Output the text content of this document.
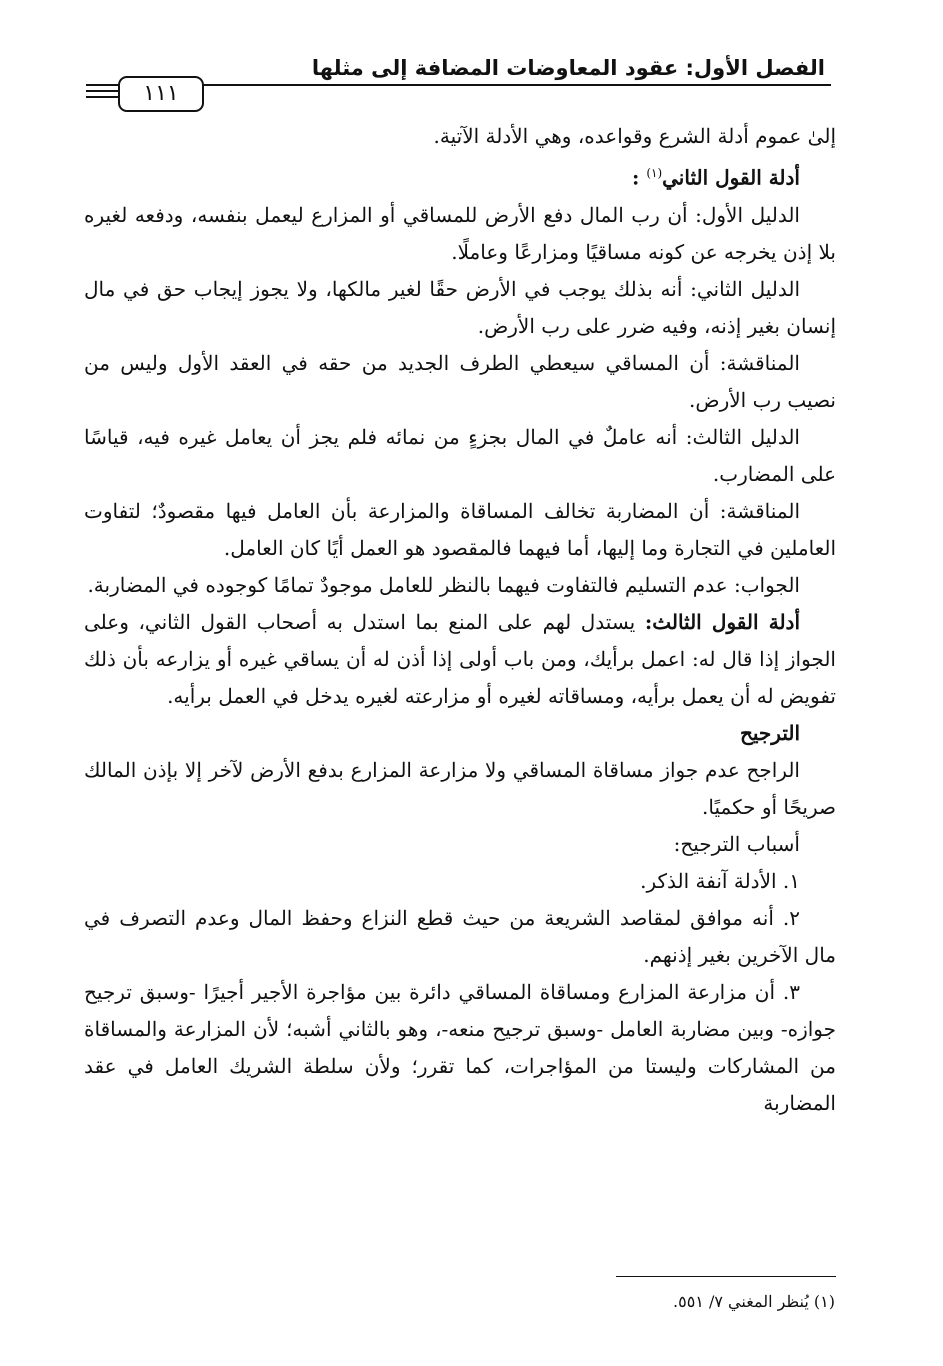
الفصل الأول: عقود المعاوضات المضافة إلى مثلها
١١١

إلىٰ عموم أدلة الشرع وقواعده، وهي الأدلة الآتية.

أدلة القول الثاني$^{(١)}$ :

الدليل الأول: أن رب المال دفع الأرض للمساقي أو المزارع ليعمل بنفسه، ودفعه لغيره بلا إذن يخرجه عن كونه مساقيًا ومزارعًا وعاملًا.

الدليل الثاني: أنه بذلك يوجب في الأرض حقًا لغير مالكها، ولا يجوز إيجاب حق في مال إنسان بغير إذنه، وفيه ضرر على رب الأرض.

المناقشة: أن المساقي سيعطي الطرف الجديد من حقه في العقد الأول وليس من نصيب رب الأرض.

الدليل الثالث: أنه عاملٌ في المال بجزءٍ من نمائه فلم يجز أن يعامل غيره فيه، قياسًا على المضارب.

المناقشة: أن المضاربة تخالف المساقاة والمزارعة بأن العامل فيها مقصودٌ؛ لتفاوت العاملين في التجارة وما إليها، أما فيهما فالمقصود هو العمل أيًا كان العامل.

الجواب: عدم التسليم فالتفاوت فيهما بالنظر للعامل موجودٌ تمامًا كوجوده في المضاربة.

أدلة القول الثالث: يستدل لهم على المنع بما استدل به أصحاب القول الثاني، وعلى الجواز إذا قال له: اعمل برأيك، ومن باب أولى إذا أذن له أن يساقي غيره أو يزارعه بأن ذلك تفويض له أن يعمل برأيه، ومساقاته لغيره أو مزارعته لغيره يدخل في العمل برأيه.

الترجيح

الراجح عدم جواز مساقاة المساقي ولا مزارعة المزارع بدفع الأرض لآخر إلا بإذن المالك صريحًا أو حكميًا.

أسباب الترجيح:

١. الأدلة آنفة الذكر.

٢. أنه موافق لمقاصد الشريعة من حيث قطع النزاع وحفظ المال وعدم التصرف في مال الآخرين بغير إذنهم.

٣. أن مزارعة المزارع ومساقاة المساقي دائرة بين مؤاجرة الأجير أجيرًا -وسبق ترجيح جوازه- وبين مضاربة العامل -وسبق ترجيح منعه-، وهو بالثاني أشبه؛ لأن المزارعة والمساقاة من المشاركات وليستا من المؤاجرات، كما تقرر؛ ولأن سلطة الشريك العامل في عقد المضاربة

(١) يُنظر المغني ٧/ ٥٥١.
